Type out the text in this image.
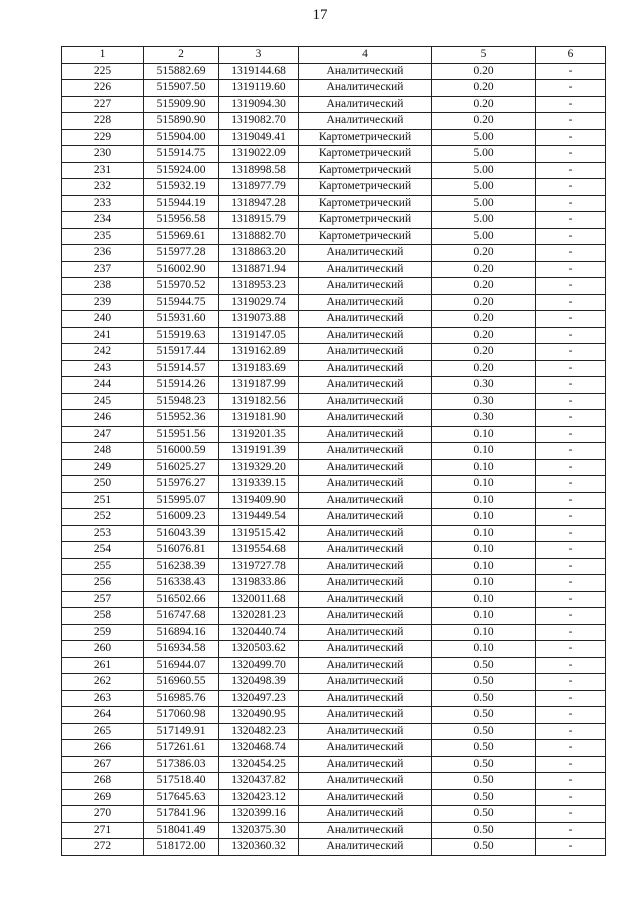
17
1	2	3	4	5	6
225	515882.69	1319144.68	Аналитический	0.20	-
226	515907.50	1319119.60	Аналитический	0.20	-
227	515909.90	1319094.30	Аналитический	0.20	-
228	515890.90	1319082.70	Аналитический	0.20	-
229	515904.00	1319049.41	Картометрический	5.00	-
230	515914.75	1319022.09	Картометрический	5.00	-
231	515924.00	1318998.58	Картометрический	5.00	-
232	515932.19	1318977.79	Картометрический	5.00	-
233	515944.19	1318947.28	Картометрический	5.00	-
234	515956.58	1318915.79	Картометрический	5.00	-
235	515969.61	1318882.70	Картометрический	5.00	-
236	515977.28	1318863.20	Аналитический	0.20	-
237	516002.90	1318871.94	Аналитический	0.20	-
238	515970.52	1318953.23	Аналитический	0.20	-
239	515944.75	1319029.74	Аналитический	0.20	-
240	515931.60	1319073.88	Аналитический	0.20	-
241	515919.63	1319147.05	Аналитический	0.20	-
242	515917.44	1319162.89	Аналитический	0.20	-
243	515914.57	1319183.69	Аналитический	0.20	-
244	515914.26	1319187.99	Аналитический	0.30	-
245	515948.23	1319182.56	Аналитический	0.30	-
246	515952.36	1319181.90	Аналитический	0.30	-
247	515951.56	1319201.35	Аналитический	0.10	-
248	516000.59	1319191.39	Аналитический	0.10	-
249	516025.27	1319329.20	Аналитический	0.10	-
250	515976.27	1319339.15	Аналитический	0.10	-
251	515995.07	1319409.90	Аналитический	0.10	-
252	516009.23	1319449.54	Аналитический	0.10	-
253	516043.39	1319515.42	Аналитический	0.10	-
254	516076.81	1319554.68	Аналитический	0.10	-
255	516238.39	1319727.78	Аналитический	0.10	-
256	516338.43	1319833.86	Аналитический	0.10	-
257	516502.66	1320011.68	Аналитический	0.10	-
258	516747.68	1320281.23	Аналитический	0.10	-
259	516894.16	1320440.74	Аналитический	0.10	-
260	516934.58	1320503.62	Аналитический	0.10	-
261	516944.07	1320499.70	Аналитический	0.50	-
262	516960.55	1320498.39	Аналитический	0.50	-
263	516985.76	1320497.23	Аналитический	0.50	-
264	517060.98	1320490.95	Аналитический	0.50	-
265	517149.91	1320482.23	Аналитический	0.50	-
266	517261.61	1320468.74	Аналитический	0.50	-
267	517386.03	1320454.25	Аналитический	0.50	-
268	517518.40	1320437.82	Аналитический	0.50	-
269	517645.63	1320423.12	Аналитический	0.50	-
270	517841.96	1320399.16	Аналитический	0.50	-
271	518041.49	1320375.30	Аналитический	0.50	-
272	518172.00	1320360.32	Аналитический	0.50	-
